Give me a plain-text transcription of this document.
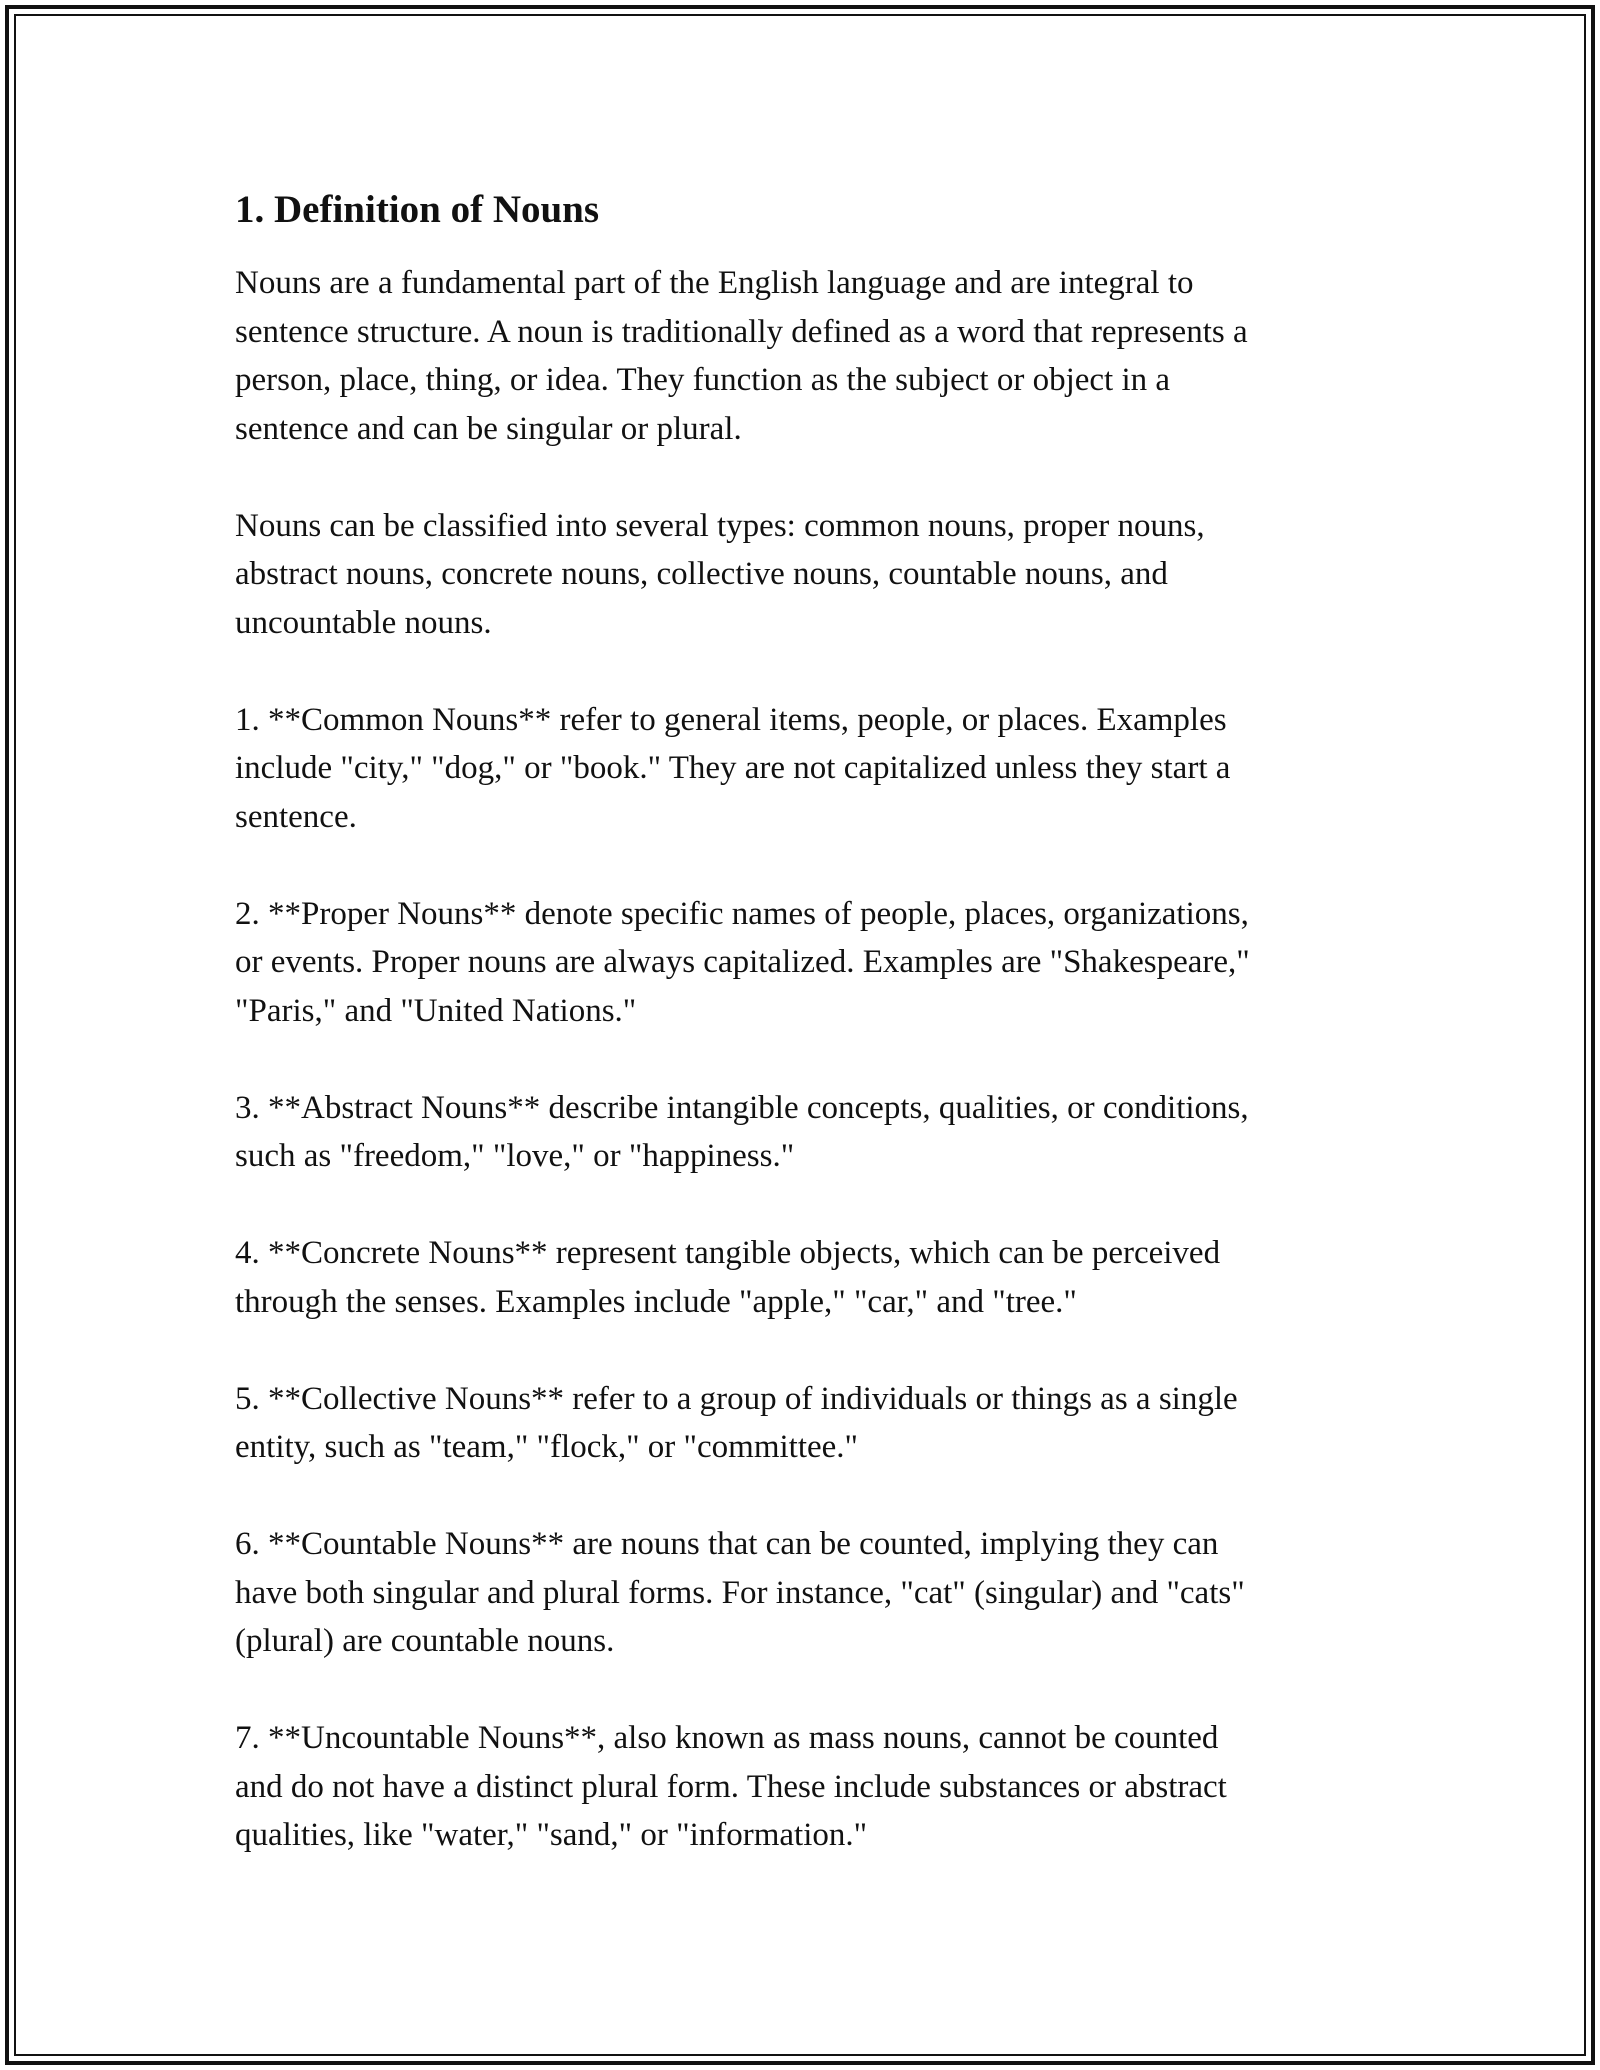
1. Definition of Nouns

Nouns are a fundamental part of the English language and are integral to
sentence structure. A noun is traditionally defined as a word that represents a
person, place, thing, or idea. They function as the subject or object in a
sentence and can be singular or plural.

Nouns can be classified into several types: common nouns, proper nouns,
abstract nouns, concrete nouns, collective nouns, countable nouns, and
uncountable nouns.

1. **Common Nouns** refer to general items, people, or places. Examples
include "city," "dog," or "book." They are not capitalized unless they start a
sentence.

2. **Proper Nouns** denote specific names of people, places, organizations,
or events. Proper nouns are always capitalized. Examples are "Shakespeare,"
"Paris," and "United Nations."

3. **Abstract Nouns** describe intangible concepts, qualities, or conditions,
such as "freedom," "love," or "happiness."

4. **Concrete Nouns** represent tangible objects, which can be perceived
through the senses. Examples include "apple," "car," and "tree."

5. **Collective Nouns** refer to a group of individuals or things as a single
entity, such as "team," "flock," or "committee."

6. **Countable Nouns** are nouns that can be counted, implying they can
have both singular and plural forms. For instance, "cat" (singular) and "cats"
(plural) are countable nouns.

7. **Uncountable Nouns**, also known as mass nouns, cannot be counted
and do not have a distinct plural form. These include substances or abstract
qualities, like "water," "sand," or "information."
